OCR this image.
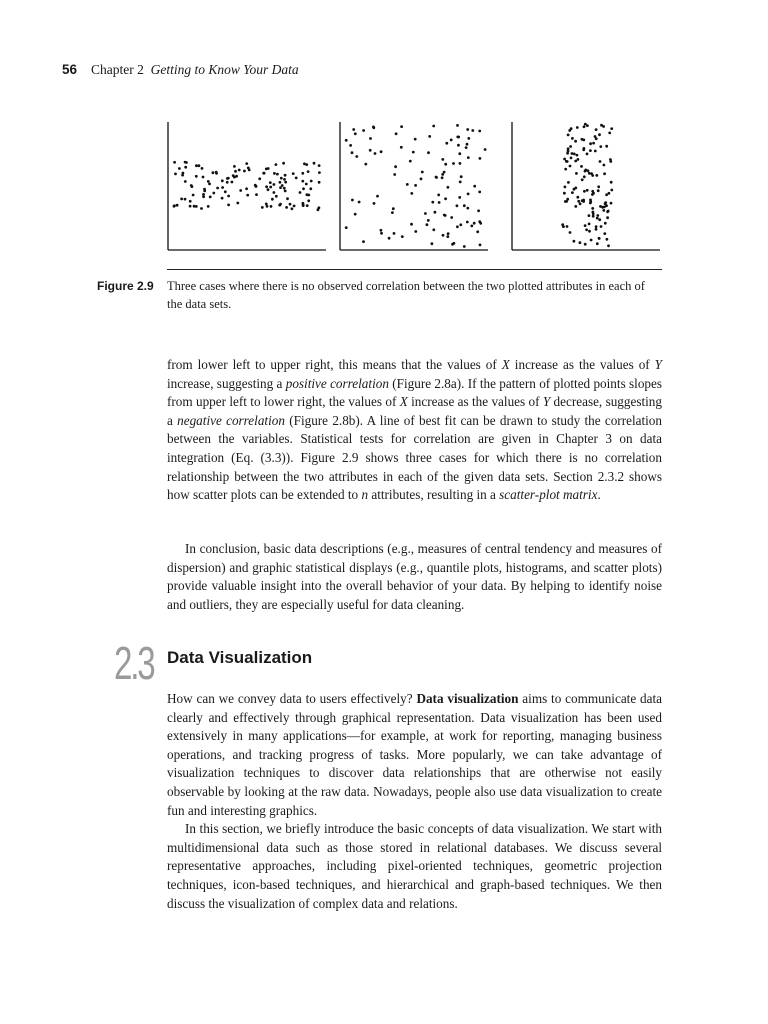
56 Chapter 2 Getting to Know Your Data
Figure 2.9	Three cases where there is no observed correlation between the two plotted attributes in each of the data sets.

from lower left to upper right, this means that the values of X increase as the values of Y increase, suggesting a positive correlation (Figure 2.8a). If the pattern of plotted points slopes from upper left to lower right, the values of X increase as the values of Y decrease, suggesting a negative correlation (Figure 2.8b). A line of best fit can be drawn to study the correlation between the variables. Statistical tests for correlation are given in Chapter 3 on data integration (Eq. (3.3)). Figure 2.9 shows three cases for which there is no correlation relationship between the two attributes in each of the given data sets. Section 2.3.2 shows how scatter plots can be extended to n attributes, resulting in a scatter-plot matrix.

In conclusion, basic data descriptions (e.g., measures of central tendency and measures of dispersion) and graphic statistical displays (e.g., quantile plots, histograms, and scatter plots) provide valuable insight into the overall behavior of your data. By helping to identify noise and outliers, they are especially useful for data cleaning.

2.3 Data Visualization

How can we convey data to users effectively? Data visualization aims to communicate data clearly and effectively through graphical representation. Data visualization has been used extensively in many applications—for example, at work for reporting, managing business operations, and tracking progress of tasks. More popularly, we can take advantage of visualization techniques to discover data relationships that are otherwise not easily observable by looking at the raw data. Nowadays, people also use data visualization to create fun and interesting graphics.

In this section, we briefly introduce the basic concepts of data visualization. We start with multidimensional data such as those stored in relational databases. We discuss several representative approaches, including pixel-oriented techniques, geometric projection techniques, icon-based techniques, and hierarchical and graph-based techniques. We then discuss the visualization of complex data and relations.
